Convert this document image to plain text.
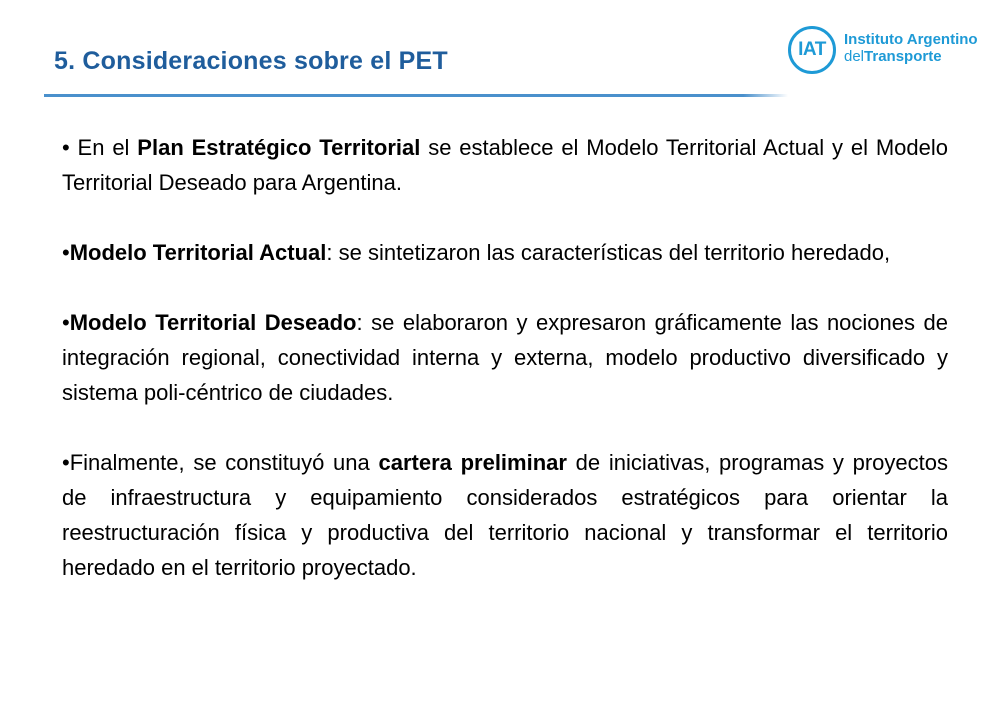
5. Consideraciones sobre el PET	IAT	Instituto Argentino
delTransporte

• En el Plan Estratégico Territorial se establece el Modelo Territorial Actual y el Modelo Territorial Deseado para Argentina.

•Modelo Territorial Actual: se sintetizaron las características del territorio heredado,

•Modelo Territorial Deseado: se elaboraron y expresaron gráficamente las nociones de integración regional, conectividad interna y externa, modelo productivo diversificado y sistema poli-céntrico de ciudades.

•Finalmente, se constituyó una cartera preliminar de iniciativas, programas y proyectos de infraestructura y equipamiento considerados estratégicos para orientar la reestructuración física y productiva del territorio nacional y transformar el territorio heredado en el territorio proyectado.
